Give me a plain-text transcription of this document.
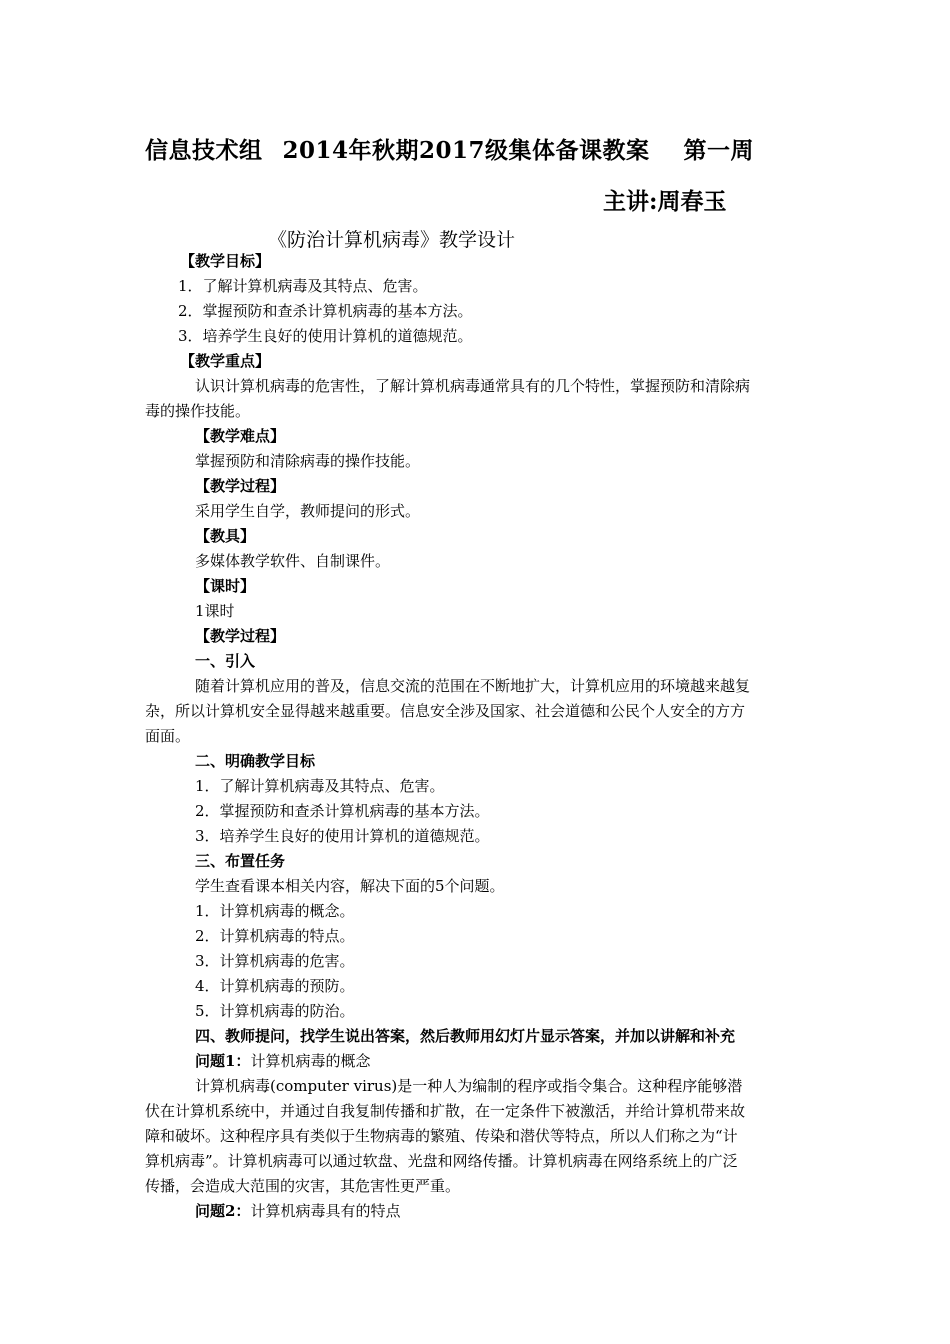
信息技术组 2014年秋期2017级集体备课教案 第一周
主讲:周春玉
《防治计算机病毒》教学设计
【教学目标】
1．了解计算机病毒及其特点、危害。
2．掌握预防和查杀计算机病毒的基本方法。
3．培养学生良好的使用计算机的道德规范。
【教学重点】
认识计算机病毒的危害性，了解计算机病毒通常具有的几个特性，掌握预防和清除病
毒的操作技能。
【教学难点】
掌握预防和清除病毒的操作技能。
【教学过程】
采用学生自学，教师提问的形式。
【教具】
多媒体教学软件、自制课件。
【课时】
1课时
【教学过程】
一、引入
随着计算机应用的普及，信息交流的范围在不断地扩大，计算机应用的环境越来越复
杂，所以计算机安全显得越来越重要。信息安全涉及国家、社会道德和公民个人安全的方方
面面。
二、明确教学目标
1．了解计算机病毒及其特点、危害。
2．掌握预防和查杀计算机病毒的基本方法。
3．培养学生良好的使用计算机的道德规范。
三、布置任务
学生查看课本相关内容，解决下面的5个问题。
1．计算机病毒的概念。
2．计算机病毒的特点。
3．计算机病毒的危害。
4．计算机病毒的预防。
5．计算机病毒的防治。
四、教师提问，找学生说出答案，然后教师用幻灯片显示答案，并加以讲解和补充
问题1：计算机病毒的概念
计算机病毒(computer virus)是一种人为编制的程序或指令集合。这种程序能够潜
伏在计算机系统中，并通过自我复制传播和扩散，在一定条件下被激活，并给计算机带来故
障和破坏。这种程序具有类似于生物病毒的繁殖、传染和潜伏等特点，所以人们称之为“计
算机病毒”。计算机病毒可以通过软盘、光盘和网络传播。计算机病毒在网络系统上的广泛
传播，会造成大范围的灾害，其危害性更严重。
问题2：计算机病毒具有的特点
